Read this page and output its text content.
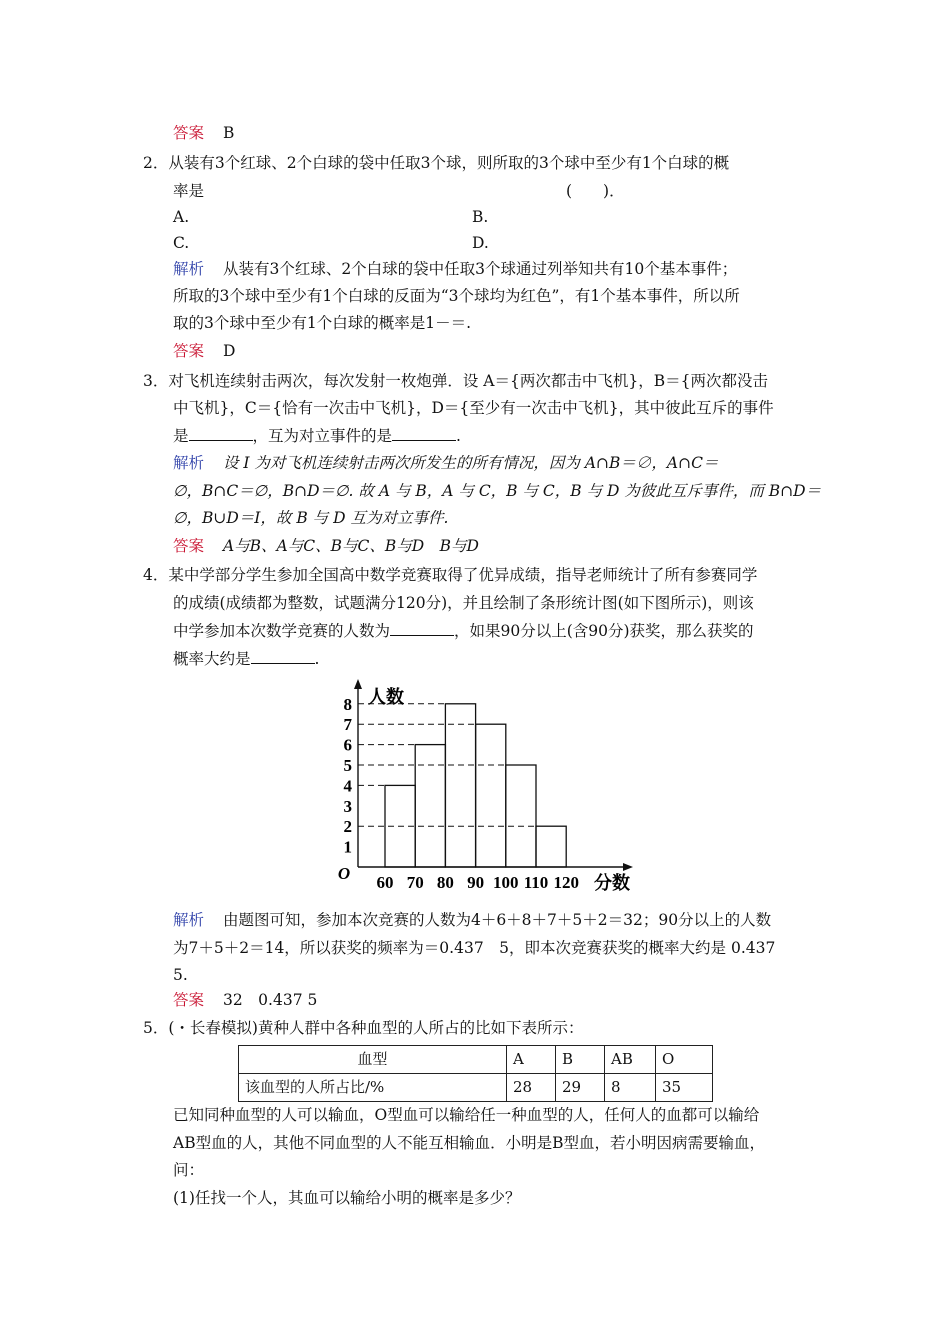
答案 B
2．从装有3个红球、2个白球的袋中任取3个球，则所取的3个球中至少有1个白球的概
率是	(　　)．
A.	B.
C.	D.
解析 从装有3个红球、2个白球的袋中任取3个球通过列举知共有10个基本事件；
所取的3个球中至少有1个白球的反面为“3个球均为红色”，有1个基本事件，所以所
取的3个球中至少有1个白球的概率是1－＝.
答案 D
3．对飞机连续射击两次，每次发射一枚炮弹．设 A＝{两次都击中飞机}，B＝{两次都没击
中飞机}，C＝{恰有一次击中飞机}，D＝{至少有一次击中飞机}，其中彼此互斥的事件
是	，互为对立事件的是	.
解析 设 I 为对飞机连续射击两次所发生的所有情况，因为 A∩B＝∅，A∩C＝
∅，B∩C＝∅，B∩D＝∅. 故 A 与 B，A 与 C，B 与 C，B 与 D 为彼此互斥事件，而 B∩D＝
∅，B∪D＝I，故 B 与 D 互为对立事件.
答案 A与B、A与C、B与C、B与D　B与D
4．某中学部分学生参加全国高中数学竞赛取得了优异成绩，指导老师统计了所有参赛同学
的成绩(成绩都为整数，试题满分120分)，并且绘制了条形统计图(如下图所示)，则该
中学参加本次数学竞赛的人数为	，如果90分以上(含90分)获奖，那么获奖的
概率大约是	.
1
2
3
4
5
6
7
8
60 70 80 90 100 110 120
O
人数
分数
解析 由题图可知，参加本次竞赛的人数为4＋6＋8＋7＋5＋2＝32；90分以上的人数
为7＋5＋2＝14，所以获奖的频率为＝0.437　5，即本次竞赛获奖的概率大约是 0.437
5.
答案 32　0.437 5
5．(・长春模拟)黄种人群中各种血型的人所占的比如下表所示：
血型	A	B	AB	O
该血型的人所占比/%	28	29	8	35
已知同种血型的人可以输血，O型血可以输给任一种血型的人，任何人的血都可以输给
AB型血的人，其他不同血型的人不能互相输血．小明是B型血，若小明因病需要输血，
问：
(1)任找一个人，其血可以输给小明的概率是多少？
